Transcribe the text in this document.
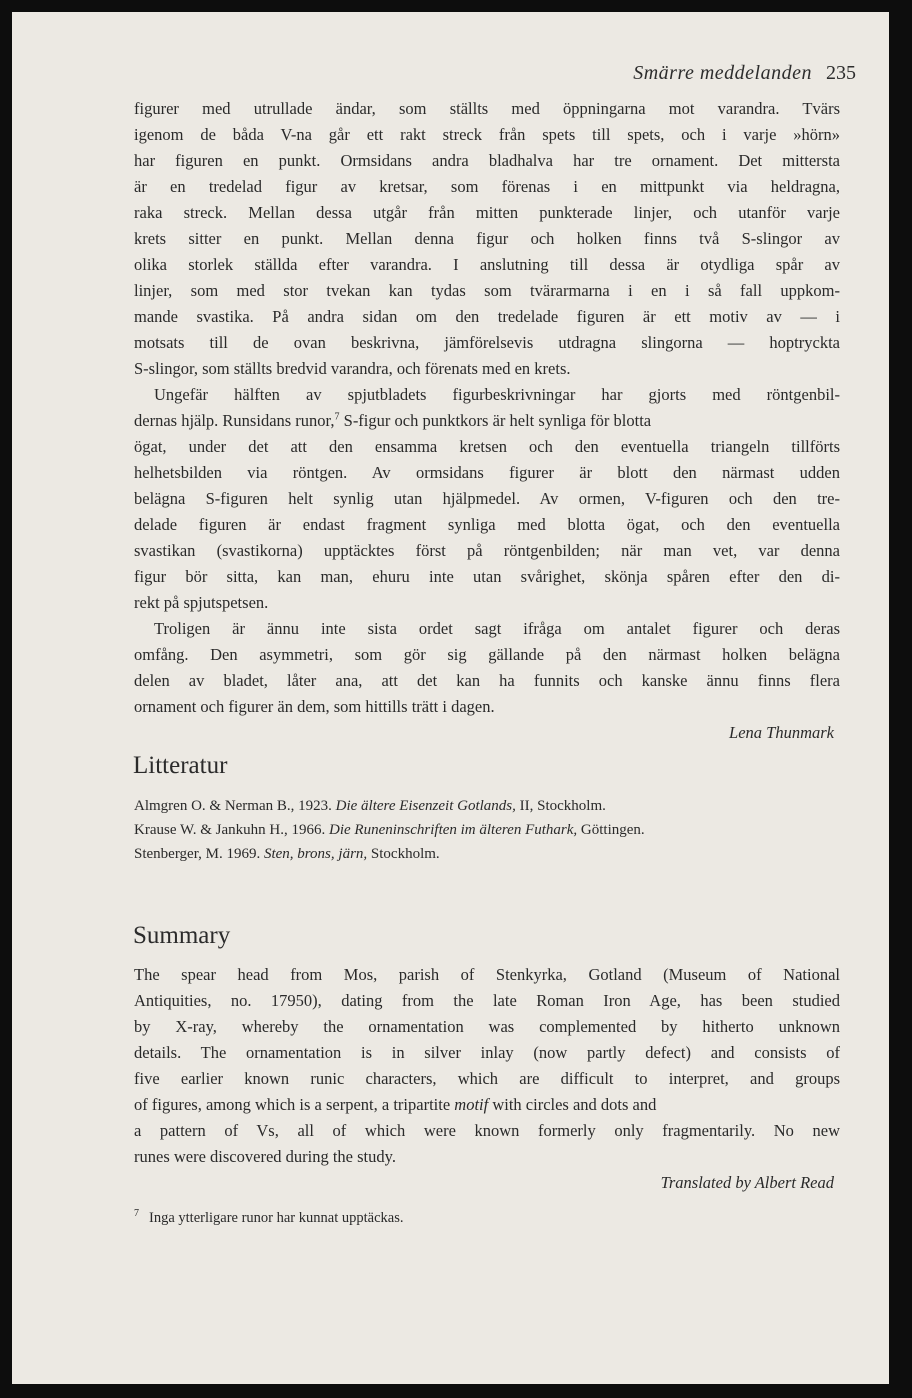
Smärre meddelanden 235
figurer med utrullade ändar, som ställts med öppningarna mot varandra. Tvärs
igenom de båda V-na går ett rakt streck från spets till spets, och i varje »hörn»
har figuren en punkt. Ormsidans andra bladhalva har tre ornament. Det mittersta
är en tredelad figur av kretsar, som förenas i en mittpunkt via heldragna,
raka streck. Mellan dessa utgår från mitten punkterade linjer, och utanför varje
krets sitter en punkt. Mellan denna figur och holken finns två S-slingor av
olika storlek ställda efter varandra. I anslutning till dessa är otydliga spår av
linjer, som med stor tvekan kan tydas som tvärarmarna i en i så fall uppkom-
mande svastika. På andra sidan om den tredelade figuren är ett motiv av — i
motsats till de ovan beskrivna, jämförelsevis utdragna slingorna — hoptryckta
S-slingor, som ställts bredvid varandra, och förenats med en krets.
Ungefär hälften av spjutbladets figurbeskrivningar har gjorts med röntgenbil-
dernas hjälp. Runsidans runor,$^7$ S-figur och punktkors är helt synliga för blotta
ögat, under det att den ensamma kretsen och den eventuella triangeln tillförts
helhetsbilden via röntgen. Av ormsidans figurer är blott den närmast udden
belägna S-figuren helt synlig utan hjälpmedel. Av ormen, V-figuren och den tre-
delade figuren är endast fragment synliga med blotta ögat, och den eventuella
svastikan (svastikorna) upptäcktes först på röntgenbilden; när man vet, var denna
figur bör sitta, kan man, ehuru inte utan svårighet, skönja spåren efter den di-
rekt på spjutspetsen.
Troligen är ännu inte sista ordet sagt ifråga om antalet figurer och deras
omfång. Den asymmetri, som gör sig gällande på den närmast holken belägna
delen av bladet, låter ana, att det kan ha funnits och kanske ännu finns flera
ornament och figurer än dem, som hittills trätt i dagen.
Lena Thunmark
Litteratur
Almgren O. & Nerman B., 1923. Die ältere Eisenzeit Gotlands, II, Stockholm.
Krause W. & Jankuhn H., 1966. Die Runeninschriften im älteren Futhark, Göttingen.
Stenberger, M. 1969. Sten, brons, järn, Stockholm.
Summary
The spear head from Mos, parish of Stenkyrka, Gotland (Museum of National
Antiquities, no. 17950), dating from the late Roman Iron Age, has been studied
by X-ray, whereby the ornamentation was complemented by hitherto unknown
details. The ornamentation is in silver inlay (now partly defect) and consists of
five earlier known runic characters, which are difficult to interpret, and groups
of figures, among which is a serpent, a tripartite motif with circles and dots and
a pattern of Vs, all of which were known formerly only fragmentarily. No new
runes were discovered during the study.
Translated by Albert Read
$^7$ Inga ytterligare runor har kunnat upptäckas.
